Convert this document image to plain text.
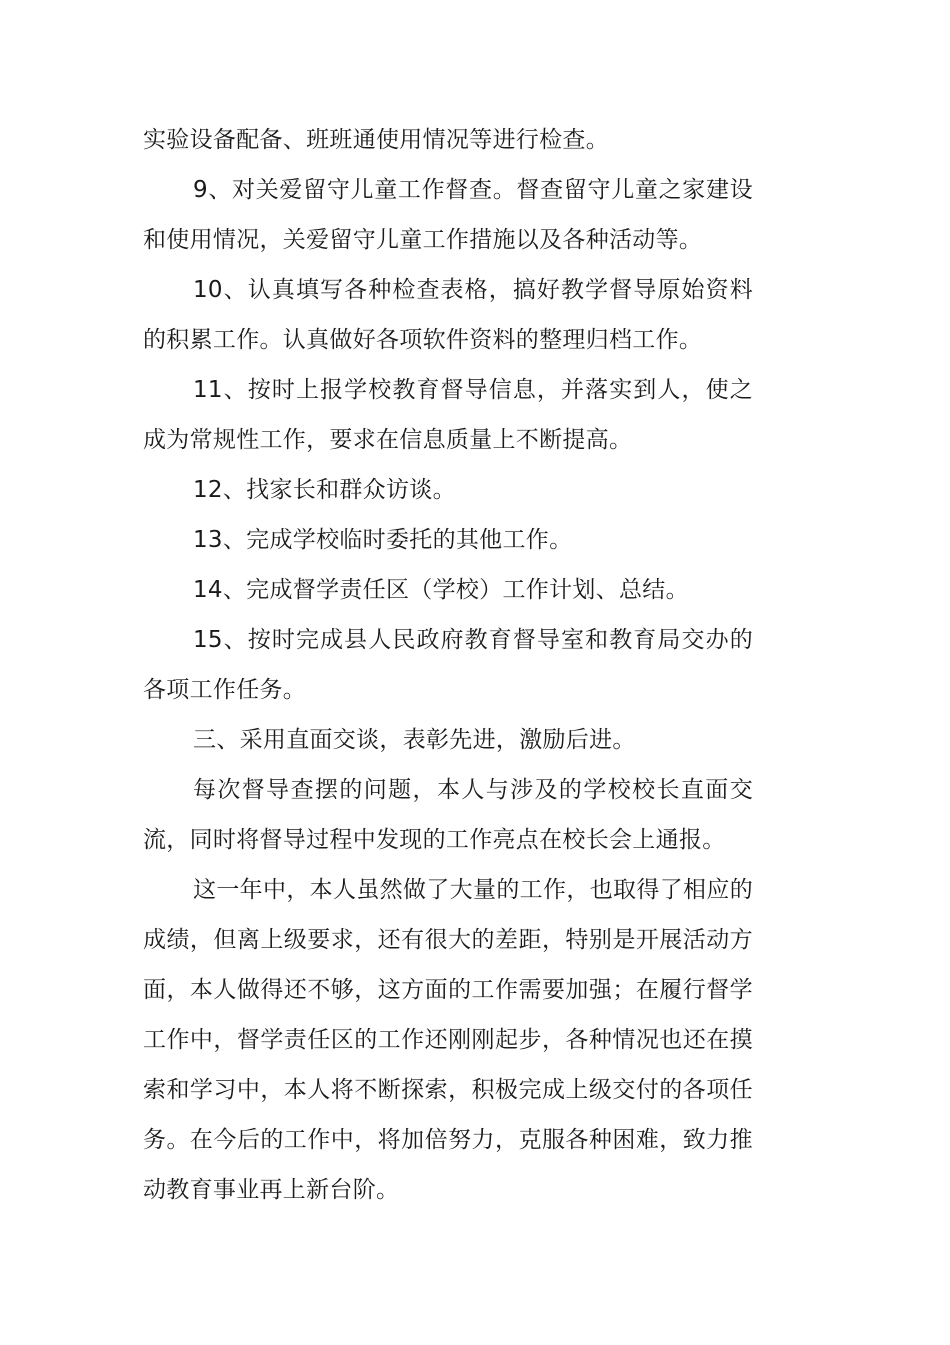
实验设备配备、班班通使用情况等进行检查。

9、对关爱留守儿童工作督查。督查留守儿童之家建设和使用情况，关爱留守儿童工作措施以及各种活动等。

10、认真填写各种检查表格，搞好教学督导原始资料的积累工作。认真做好各项软件资料的整理归档工作。

11、按时上报学校教育督导信息，并落实到人，使之成为常规性工作，要求在信息质量上不断提高。

12、找家长和群众访谈。

13、完成学校临时委托的其他工作。

14、完成督学责任区（学校）工作计划、总结。

15、按时完成县人民政府教育督导室和教育局交办的各项工作任务。

三、采用直面交谈，表彰先进，激励后进。

每次督导查摆的问题，本人与涉及的学校校长直面交流，同时将督导过程中发现的工作亮点在校长会上通报。

这一年中，本人虽然做了大量的工作，也取得了相应的成绩，但离上级要求，还有很大的差距，特别是开展活动方面，本人做得还不够，这方面的工作需要加强；在履行督学工作中，督学责任区的工作还刚刚起步，各种情况也还在摸索和学习中，本人将不断探索，积极完成上级交付的各项任务。在今后的工作中，将加倍努力，克服各种困难，致力推动教育事业再上新台阶。
